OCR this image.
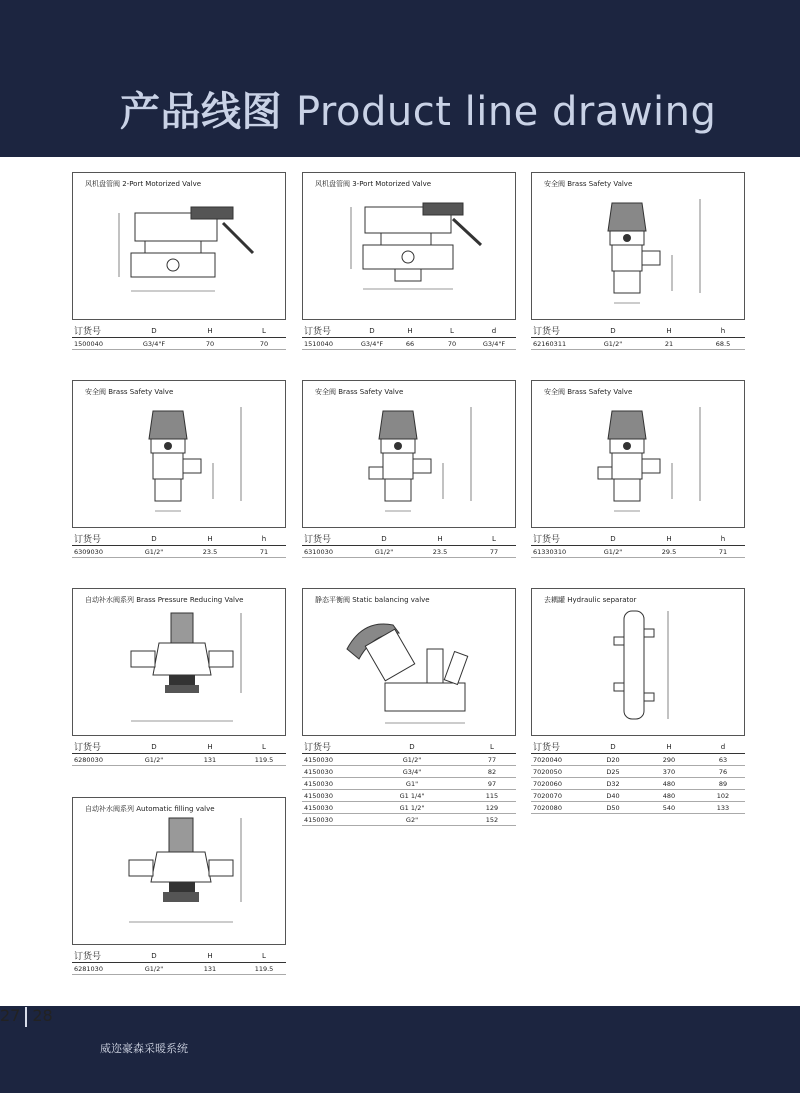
产品线图 Product line drawing
风机盘管阀 2-Port Motorized Valve
订货号	D	H	L
1500040	G3/4"F	70	70
风机盘管阀 3-Port Motorized Valve
订货号	D	H	L	d
1510040	G3/4"F	66	70	G3/4"F
安全阀 Brass Safety Valve
订货号	D	H	h
62160311	G1/2"	21	68.5
安全阀 Brass Safety Valve
订货号	D	H	h
6309030	G1/2"	23.5	71
安全阀 Brass Safety Valve
订货号	D	H	L
6310030	G1/2"	23.5	77
安全阀 Brass Safety Valve
订货号	D	H	h
61330310	G1/2"	29.5	71
自动补水阀系列 Brass Pressure Reducing Valve
订货号	D	H	L
6280030	G1/2"	131	119.5
静态平衡阀 Static balancing valve
订货号	D	L
4150030	G1/2"	77
4150030	G3/4"	82
4150030	G1"	97
4150030	G1 1/4"	115
4150030	G1 1/2"	129
4150030	G2"	152
去耦罐 Hydraulic separator
订货号	D	H	d
7020040	D20	290	63
7020050	D25	370	76
7020060	D32	480	89
7020070	D40	480	102
7020080	D50	540	133
自动补水阀系列 Automatic filling valve
订货号	D	H	L
6281030	G1/2"	131	119.5
27 28
威迩豪森采暖系统
